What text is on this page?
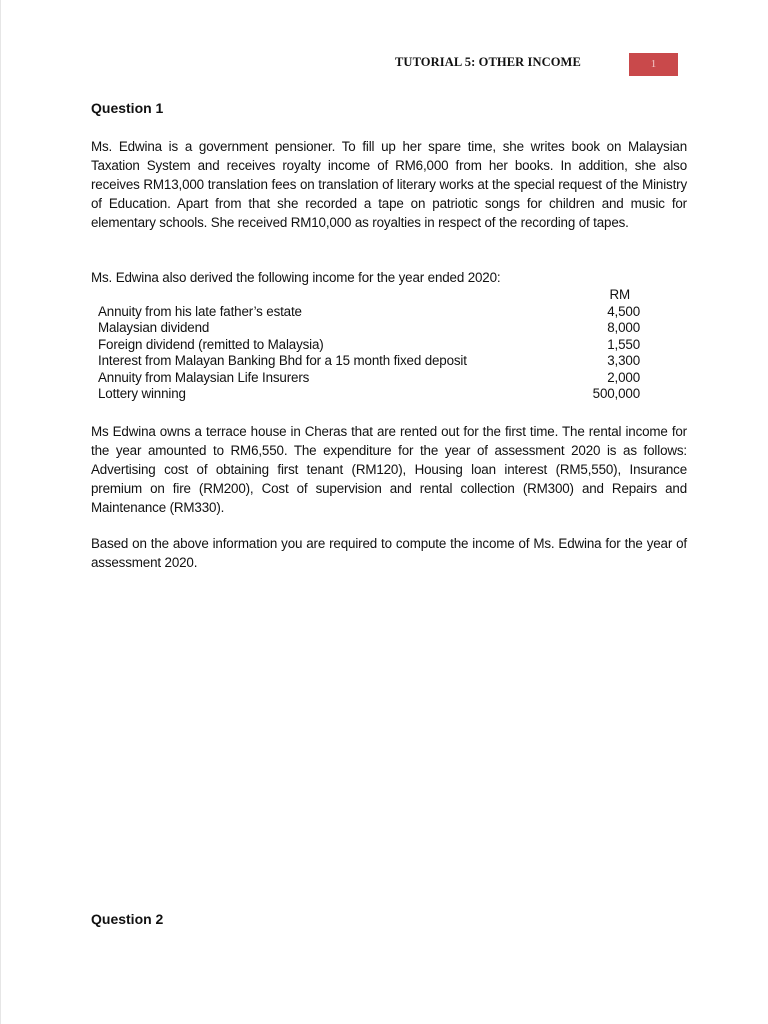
TUTORIAL 5: OTHER INCOME	1
Question 1

Ms. Edwina is a government pensioner. To fill up her spare time, she writes book on Malaysian Taxation System and receives royalty income of RM6,000 from her books. In addition, she also receives RM13,000 translation fees on translation of literary works at the special request of the Ministry of Education. Apart from that she recorded a tape on patriotic songs for children and music for elementary schools. She received RM10,000 as royalties in respect of the recording of tapes.

Ms. Edwina also derived the following income for the year ended 2020:

RM
Annuity from his late father’s estate	4,500
Malaysian dividend	8,000
Foreign dividend (remitted to Malaysia)	1,550
Interest from Malayan Banking Bhd for a 15 month fixed deposit	3,300
Annuity from Malaysian Life Insurers	2,000
Lottery winning	500,000

Ms Edwina owns a terrace house in Cheras that are rented out for the first time. The rental income for the year amounted to RM6,550. The expenditure for the year of assessment 2020 is as follows: Advertising cost of obtaining first tenant (RM120), Housing loan interest (RM5,550), Insurance premium on fire (RM200), Cost of supervision and rental collection (RM300) and Repairs and Maintenance (RM330).

Based on the above information you are required to compute the income of Ms. Edwina for the year of assessment 2020.

Question 2
